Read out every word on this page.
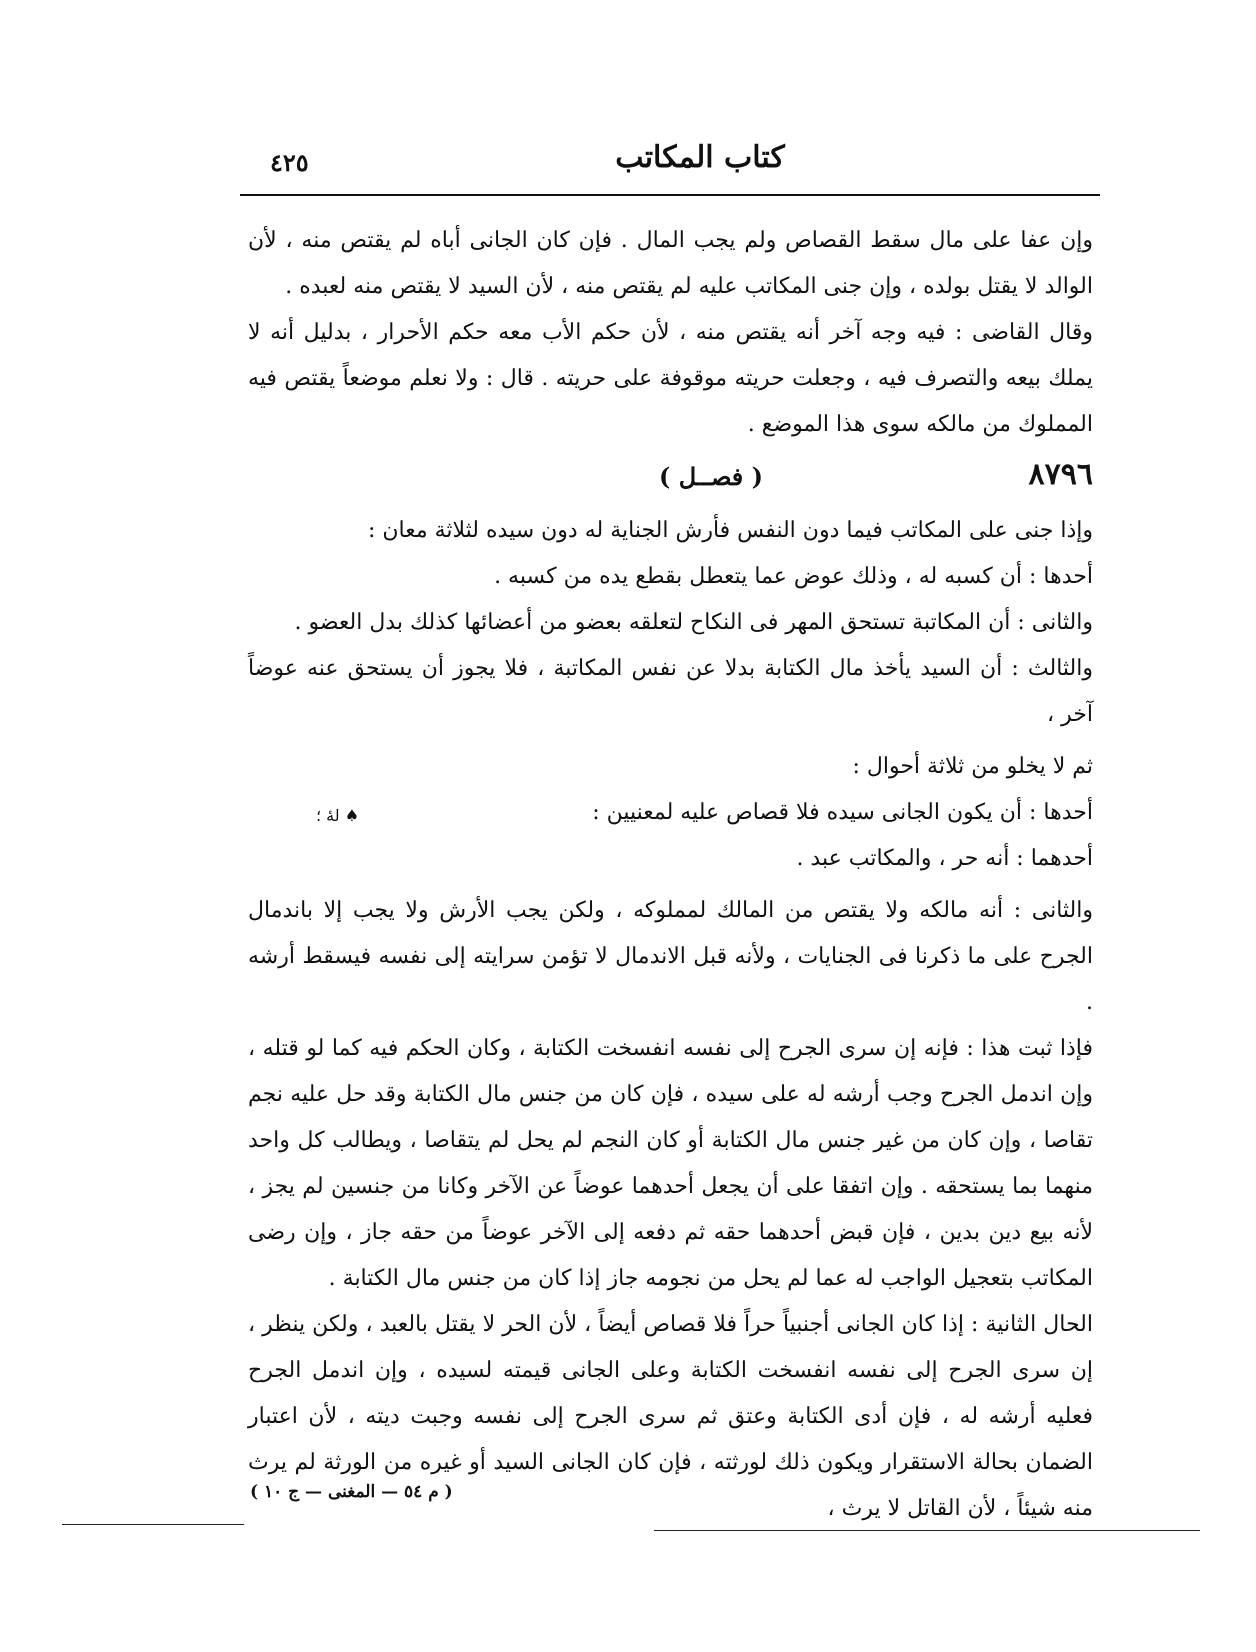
٤٢٥	كتاب المكاتب

وإن عفا على مال سقط القصاص ولم يجب المال . فإن كان الجانى أباه لم يقتص منه ، لأن الوالد لا يقتل بولده ، وإن جنى المكاتب عليه لم يقتص منه ، لأن السيد لا يقتص منه لعبده .

وقال القاضى : فيه وجه آخر أنه يقتص منه ، لأن حكم الأب معه حكم الأحرار ، بدليل أنه لا يملك بيعه والتصرف فيه ، وجعلت حريته موقوفة على حريته . قال : ولا نعلم موضعاً يقتص فيه المملوك من مالكه سوى هذا الموضع .

٨٧٩٦
( فصــل )

وإذا جنى على المكاتب فيما دون النفس فأرش الجناية له دون سيده لثلاثة معان :

أحدها : أن كسبه له ، وذلك عوض عما يتعطل بقطع يده من كسبه .

والثانى : أن المكاتبة تستحق المهر فى النكاح لتعلقه بعضو من أعضائها كذلك بدل العضو .

والثالث : أن السيد يأخذ مال الكتابة بدلا عن نفس المكاتبة ، فلا يجوز أن يستحق عنه عوضاً آخر ،

ثم لا يخلو من ثلاثة أحوال :

أحدها : أن يكون الجانى سيده فلا قصاص عليه لمعنيين :

أحدهما : أنه حر ، والمكاتب عبد .

والثانى : أنه مالكه ولا يقتص من المالك لمملوكه ، ولكن يجب الأرش ولا يجب إلا باندمال الجرح على ما ذكرنا فى الجنايات ، ولأنه قبل الاندمال لا تؤمن سرايته إلى نفسه فيسقط أرشه .

فإذا ثبت هذا : فإنه إن سرى الجرح إلى نفسه انفسخت الكتابة ، وكان الحكم فيه كما لو قتله ، وإن اندمل الجرح وجب أرشه له على سيده ، فإن كان من جنس مال الكتابة وقد حل عليه نجم تقاصا ، وإن كان من غير جنس مال الكتابة أو كان النجم لم يحل لم يتقاصا ، ويطالب كل واحد منهما بما يستحقه . وإن اتفقا على أن يجعل أحدهما عوضاً عن الآخر وكانا من جنسين لم يجز ، لأنه بيع دين بدين ، فإن قبض أحدهما حقه ثم دفعه إلى الآخر عوضاً من حقه جاز ، وإن رضى المكاتب بتعجيل الواجب له عما لم يحل من نجومه جاز إذا كان من جنس مال الكتابة .

الحال الثانية : إذا كان الجانى أجنبياً حراً فلا قصاص أيضاً ، لأن الحر لا يقتل بالعبد ، ولكن ينظر ، إن سرى الجرح إلى نفسه انفسخت الكتابة وعلى الجانى قيمته لسيده ، وإن اندمل الجرح فعليه أرشه له ، فإن أدى الكتابة وعتق ثم سرى الجرح إلى نفسه وجبت ديته ، لأن اعتبار الضمان بحالة الاستقرار ويكون ذلك لورثته ، فإن كان الجانى السيد أو غيره من الورثة لم يرث منه شيئاً ، لأن القاتل لا يرث ،

لهٔ ؛ ♠
( م ٥٤ — المغنى — ج ١٠ )
